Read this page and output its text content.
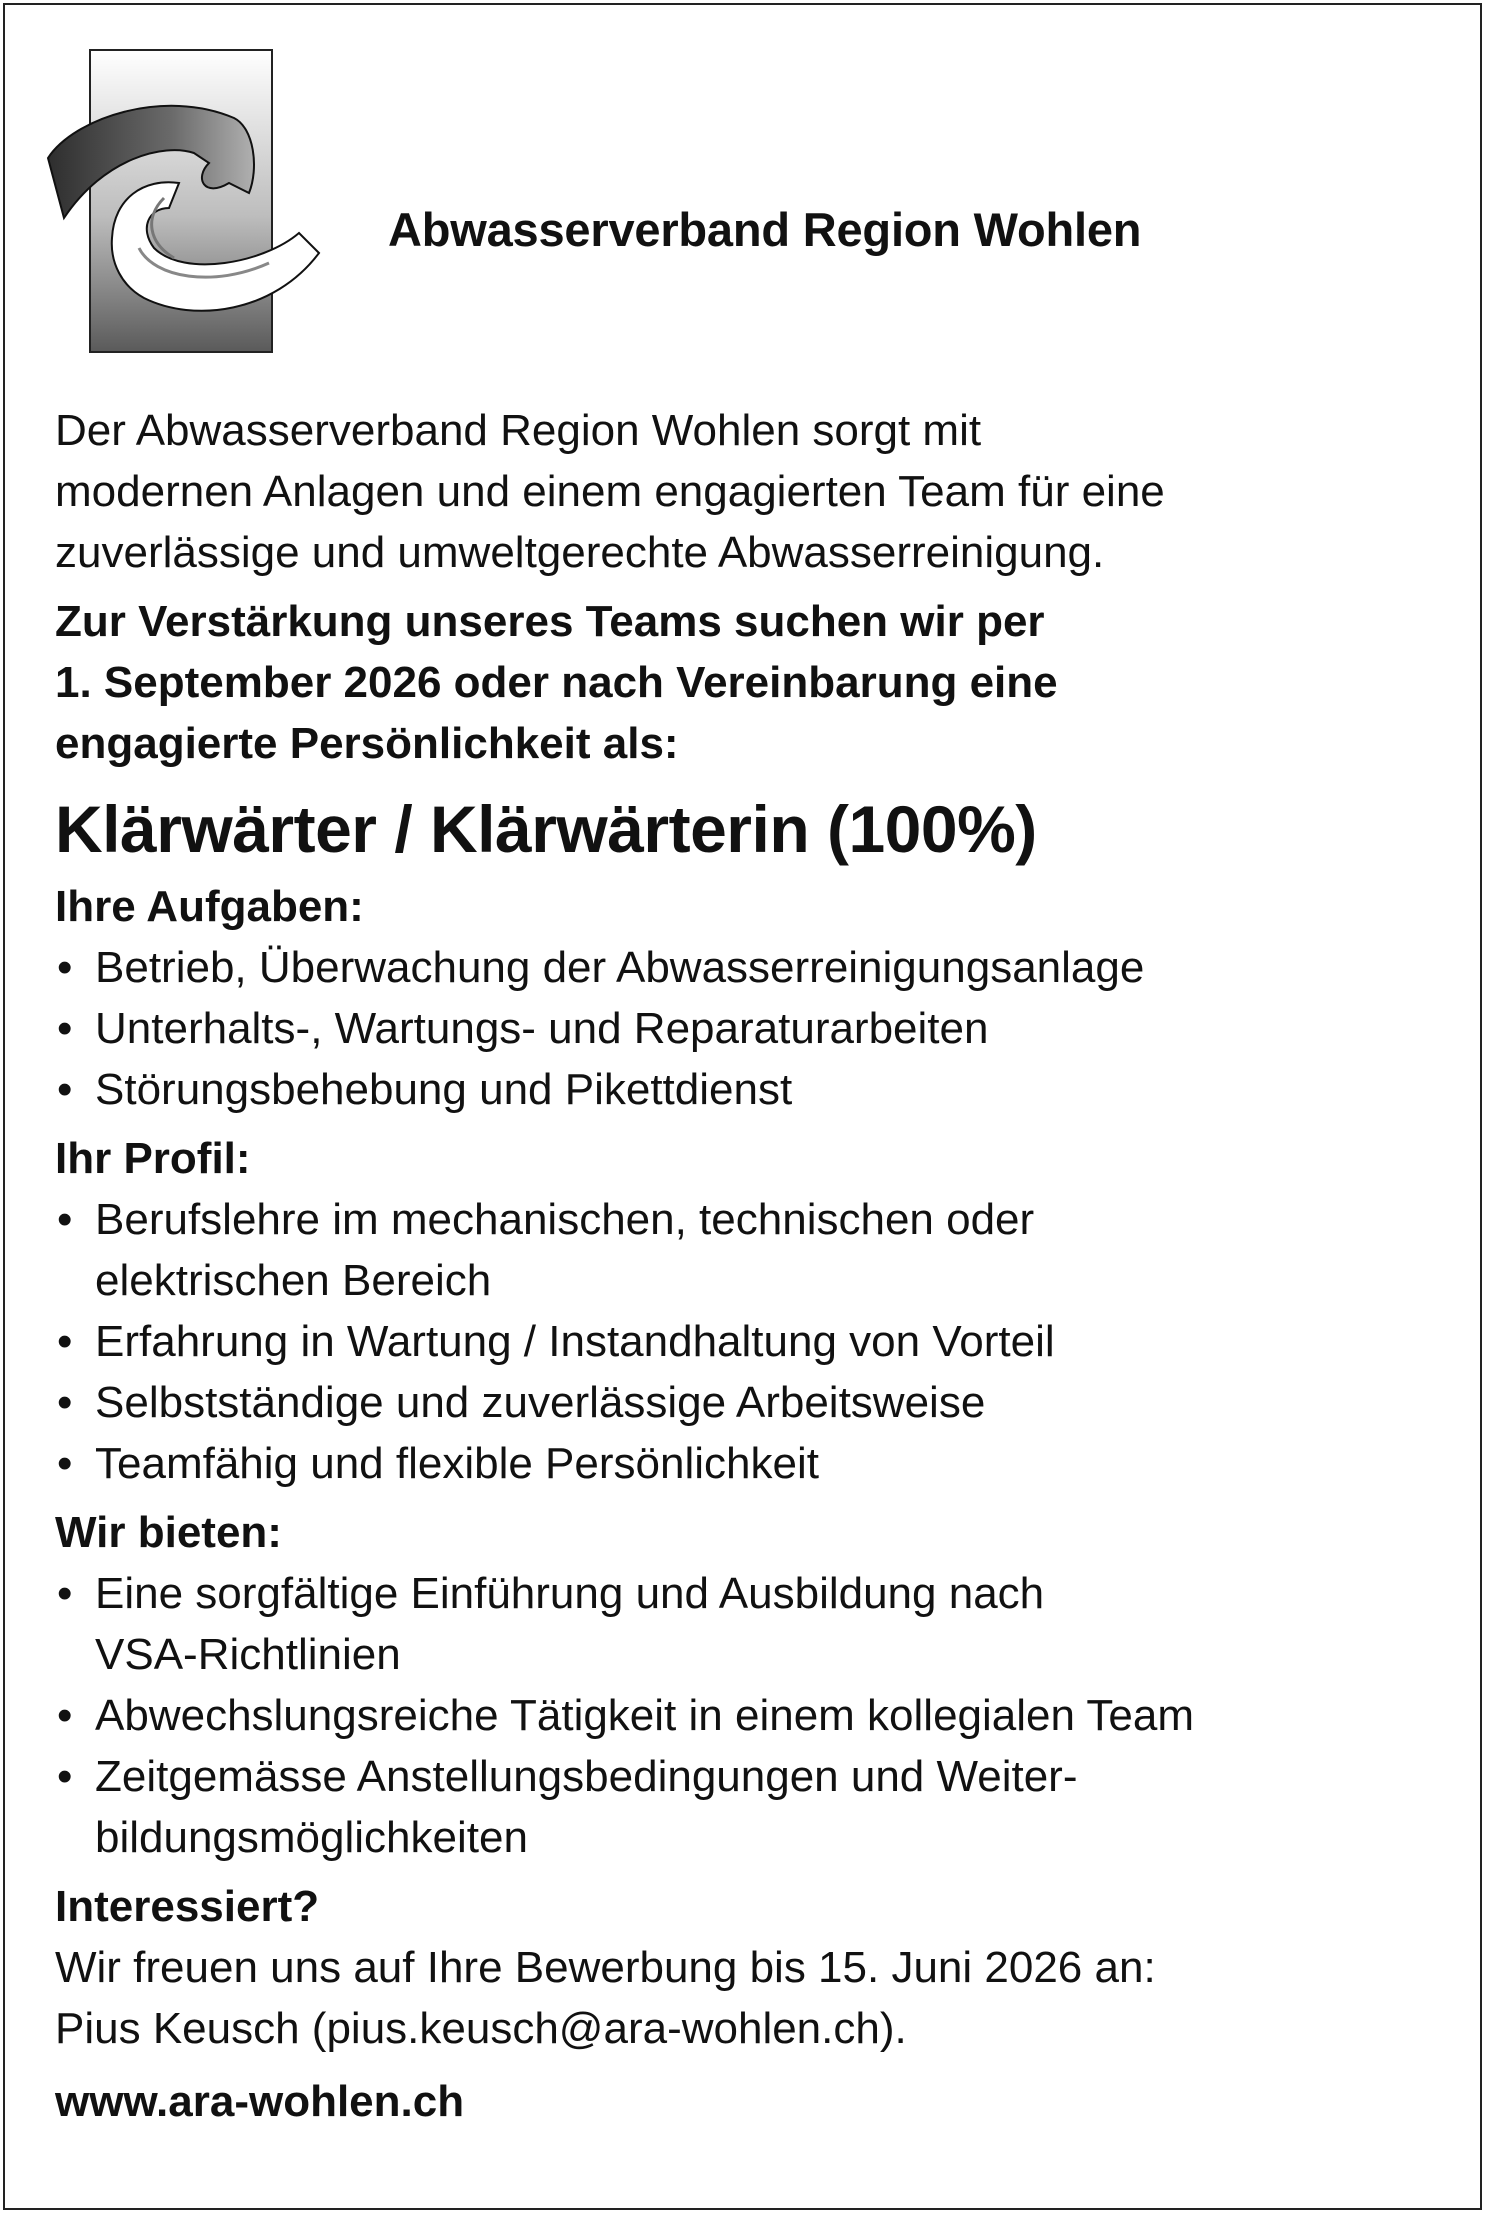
Abwasserverband Region Wohlen

Der Abwasserverband Region Wohlen sorgt mit
modernen Anlagen und einem engagierten Team für eine
zuverlässige und umweltgerechte Abwasserreinigung.

Zur Verstärkung unseres Teams suchen wir per
1. September 2026 oder nach Vereinbarung eine
engagierte Persönlichkeit als:

Klärwärter / Klärwärterin (100%)

Ihre Aufgaben:

• Betrieb, Überwachung der Abwasserreinigungsanlage
• Unterhalts-, Wartungs- und Reparaturarbeiten
• Störungsbehebung und Pikettdienst

Ihr Profil:

• Berufslehre im mechanischen, technischen oder
elektrischen Bereich
• Erfahrung in Wartung / Instandhaltung von Vorteil
• Selbstständige und zuverlässige Arbeitsweise
• Teamfähig und flexible Persönlichkeit

Wir bieten:

• Eine sorgfältige Einführung und Ausbildung nach
VSA-Richtlinien
• Abwechslungsreiche Tätigkeit in einem kollegialen Team
• Zeitgemässe Anstellungsbedingungen und Weiter-
bildungsmöglichkeiten

Interessiert?

Wir freuen uns auf Ihre Bewerbung bis 15. Juni 2026 an:
Pius Keusch (pius.keusch@ara-wohlen.ch).

www.ara-wohlen.ch
